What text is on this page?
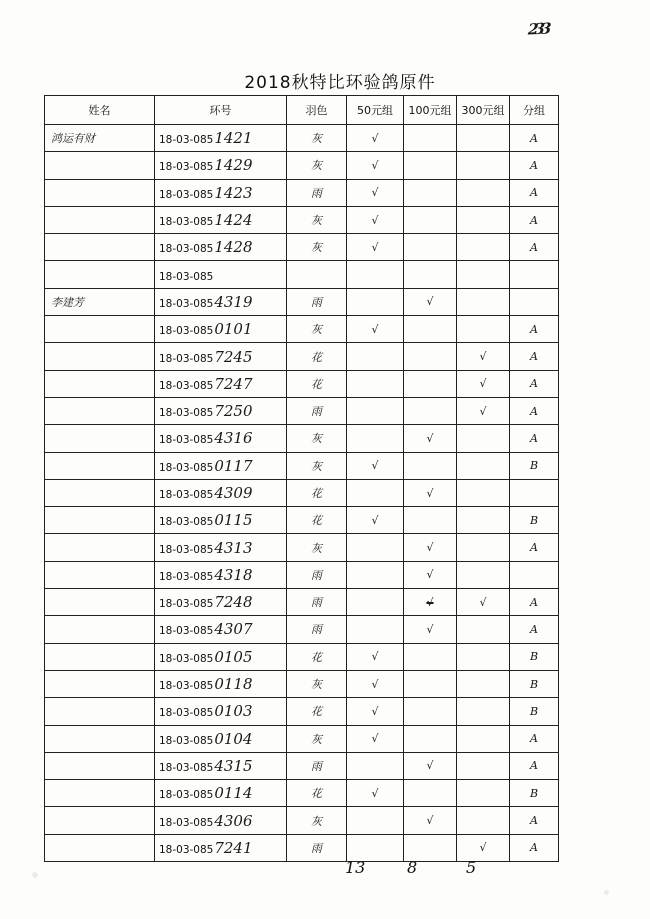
233
2018秋特比环验鸽原件
姓名	环号	羽色	50元组	100元组	300元组	分组
鸿运有财	18-03-0851421	灰	√			A
	18-03-0851429	灰	√			A
	18-03-0851423	雨	√			A
	18-03-0851424	灰	√			A
	18-03-0851428	灰	√			A
	18-03-085					
李建芳	18-03-0854319	雨		√		
	18-03-0850101	灰	√			A
	18-03-0857245	花			√	A
	18-03-0857247	花			√	A
	18-03-0857250	雨			√	A
	18-03-0854316	灰		√		A
	18-03-0850117	灰	√			B
	18-03-0854309	花		√		
	18-03-0850115	花	√			B
	18-03-0854313	灰		√		A
	18-03-0854318	雨		√		
	18-03-0857248	雨		√	√	A
	18-03-0854307	雨		√		A
	18-03-0850105	花	√			B
	18-03-0850118	灰	√			B
	18-03-0850103	花	√			B
	18-03-0850104	灰	√			A
	18-03-0854315	雨		√		A
	18-03-0850114	花	√			B
	18-03-0854306	灰		√		A
	18-03-0857241	雨			√	A
13	8	5
